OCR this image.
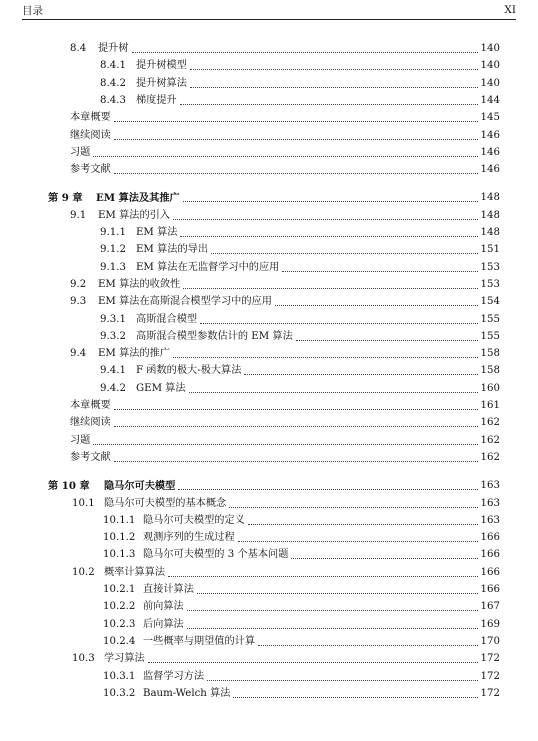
目录	XI
8.4	提升树	140
8.4.1 提升树模型	140
8.4.2 提升树算法	140
8.4.3 梯度提升	144
本章概要	145
继续阅读	146
习题	146
参考文献	146
第 9 章	EM 算法及其推广	148
9.1	EM 算法的引入	148
9.1.1 EM 算法	148
9.1.2 EM 算法的导出	151
9.1.3 EM 算法在无监督学习中的应用	153
9.2	EM 算法的收敛性	153
9.3	EM 算法在高斯混合模型学习中的应用	154
9.3.1 高斯混合模型	155
9.3.2 高斯混合模型参数估计的 EM 算法	155
9.4	EM 算法的推广	158
9.4.1 F 函数的极大-极大算法	158
9.4.2 GEM 算法	160
本章概要	161
继续阅读	162
习题	162
参考文献	162
第 10 章	隐马尔可夫模型	163
10.1 隐马尔可夫模型的基本概念	163
10.1.1 隐马尔可夫模型的定义	163
10.1.2 观测序列的生成过程	166
10.1.3 隐马尔可夫模型的 3 个基本问题	166
10.2 概率计算算法	166
10.2.1 直接计算法	166
10.2.2 前向算法	167
10.2.3 后向算法	169
10.2.4 一些概率与期望值的计算	170
10.3 学习算法	172
10.3.1 监督学习方法	172
10.3.2 Baum-Welch 算法	172
